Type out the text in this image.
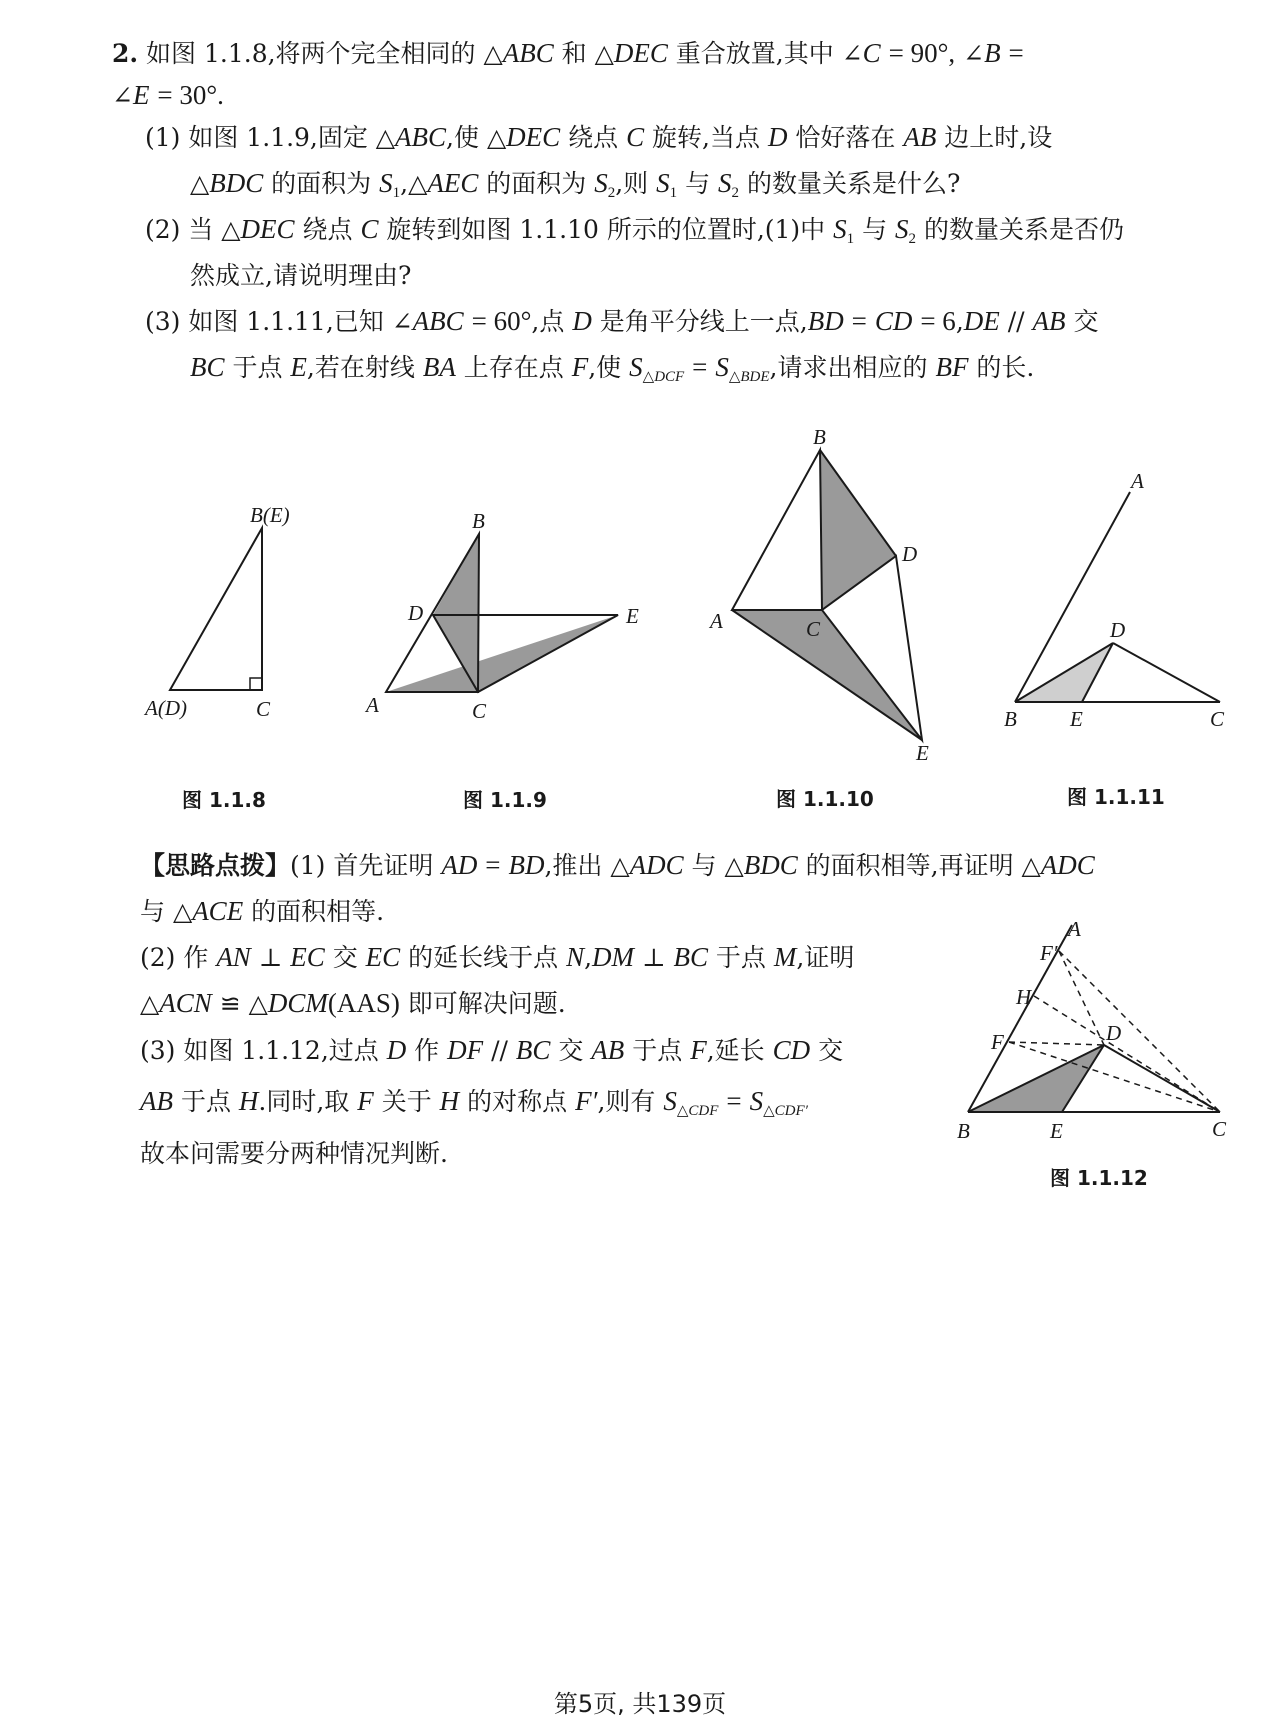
2. 如图 1.1.8,将两个完全相同的 △ABC 和 △DEC 重合放置,其中 ∠C = 90°, ∠B =
∠E = 30°.
(1) 如图 1.1.9,固定 △ABC,使 △DEC 绕点 C 旋转,当点 D 恰好落在 AB 边上时,设
△BDC 的面积为 $S_1,\triangle AEC$ 的面积为 $S_2$,则 $S_1$ 与 $S_2$ 的数量关系是什么?
(2) 当 △DEC 绕点 C 旋转到如图 1.1.10 所示的位置时,(1)中 $S_1$ 与 $S_2$ 的数量关系是否仍
然成立,请说明理由?
(3) 如图 1.1.11,已知 ∠ABC = 60°,点 D 是角平分线上一点,BD = CD = 6,DE // AB 交
BC 于点 E,若在射线 BA 上存在点 F,使 $S_{\triangle DCF} = S_{\triangle BDE}$,请求出相应的 BF 的长.
B(E)
A(D)	C
图 1.1.8
B
D	E
A	C
图 1.1.9
B
D
A	C
E
图 1.1.10
A
D
B	E	C
图 1.1.11
A
F′
H
F	D
B	E	C
图 1.1.12
【思路点拨】(1) 首先证明 AD = BD,推出 △ADC 与 △BDC 的面积相等,再证明 △ADC
与 △ACE 的面积相等.
(2) 作 AN ⊥ EC 交 EC 的延长线于点 N,DM ⊥ BC 于点 M,证明
△ACN ≌ △DCM(AAS) 即可解决问题.
(3) 如图 1.1.12,过点 D 作 DF // BC 交 AB 于点 F,延长 CD 交
AB 于点 H.同时,取 F 关于 H 的对称点 F′,则有 $S_{\triangle CDF} = S_{\triangle CDF'}$
故本问需要分两种情况判断.
第5页, 共139页
